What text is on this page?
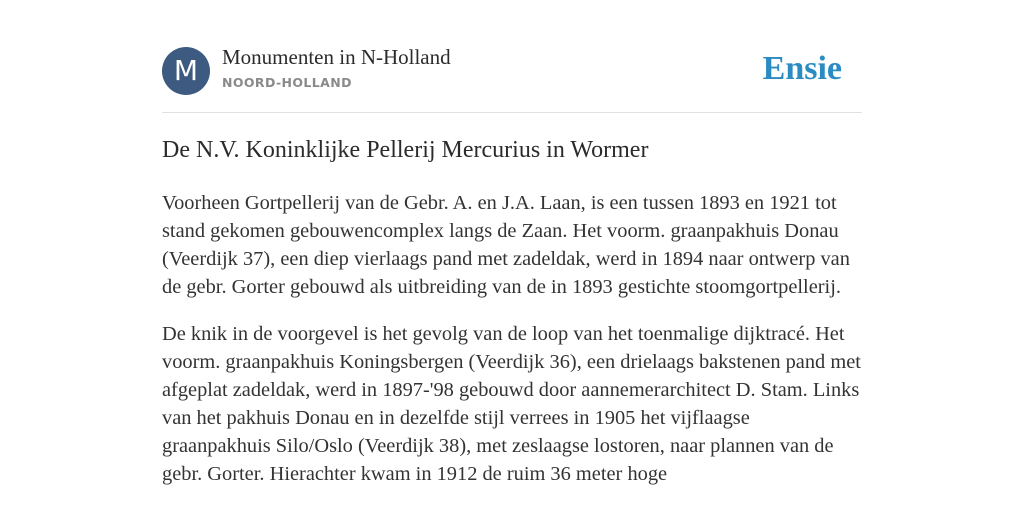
M	Monumenten in N-Holland
NOORD-HOLLAND	Ensie
De N.V. Koninklijke Pellerij Mercurius in Wormer

Voorheen Gortpellerij van de Gebr. A. en J.A. Laan, is een tussen 1893 en 1921 tot stand gekomen gebouwencomplex langs de Zaan. Het voorm. graanpakhuis Donau (Veerdijk 37), een diep vierlaags pand met zadeldak, werd in 1894 naar ontwerp van de gebr. Gorter gebouwd als uitbreiding van de in 1893 gestichte stoomgortpellerij.

De knik in de voorgevel is het gevolg van de loop van het toenmalige dijktracé. Het voorm. graanpakhuis Koningsbergen (Veerdijk 36), een drielaags bakstenen pand met afgeplat zadeldak, werd in 1897-'98 gebouwd door aannemerarchitect D. Stam. Links van het pakhuis Donau en in dezelfde stijl verrees in 1905 het vijflaagse graanpakhuis Silo/Oslo (Veerdijk 38), met zeslaagse lostoren, naar plannen van de gebr. Gorter. Hierachter kwam in 1912 de ruim 36 meter hoge
